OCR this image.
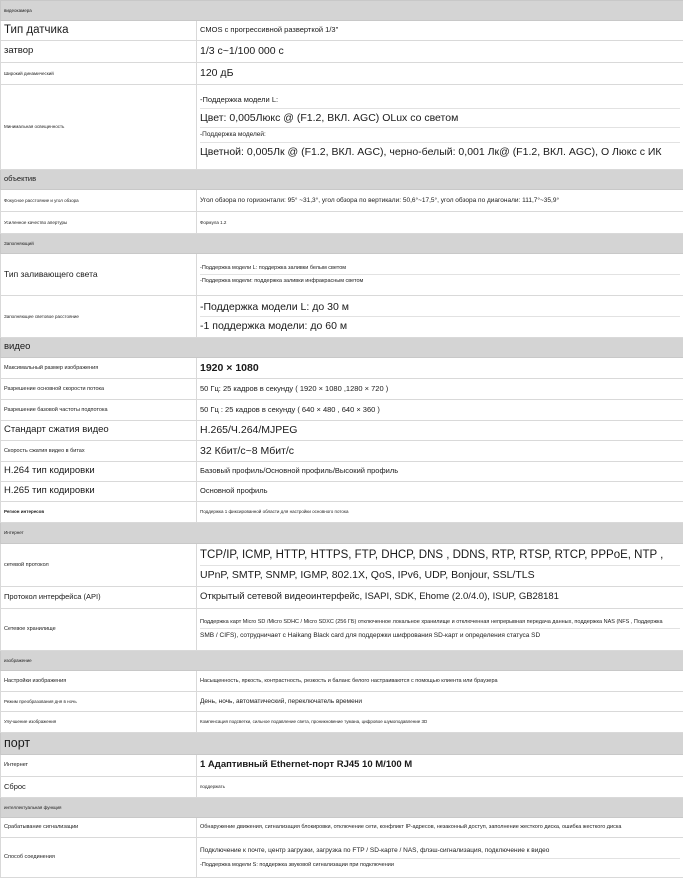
видеокамера	
Тип датчика	CMOS с прогрессивной разверткой 1/3"
затвор	1/3 с~1/100 000 с
Широкий динамический	120 дБ
Минимальная освещенность	-Поддержка модели L:
Цвет: 0,005Люкс @ (F1.2, ВКЛ. AGC) OLux со светом
-Поддержка моделей:
Цветной: 0,005Лк @ (F1.2, ВКЛ. AGC), черно-белый: 0,001 Лк@ (F1.2, ВКЛ. AGC), О Люкс с ИК

объектив	
Фокусное расстояние и угол обзора	Угол обзора по горизонтали: 95° ~31,3°, угол обзора по вертикали: 50,6°~17,5°, угол обзора по диагонали: 111,7°~35,9°
Усиленное качество апертуры	Формула 1.2
Заполняющий	
Тип заливающего света	-Поддержка модели L: поддержка заливки белым светом
-Поддержка модели: поддержка заливки инфракрасным светом

Заполняющее световое расстояние	-Поддержка модели L: до 30 м
-1 поддержка модели: до 60 м

видео	
Максимальный размер изображения	1920 × 1080
Разрешение основной скорости потока	50 Гц: 25 кадров в секунду ( 1920 × 1080 ,1280 × 720 )
Разрешение базовой частоты подпотока	50 Гц : 25 кадров в секунду ( 640 × 480 , 640 × 360 )
Стандарт сжатия видео	H.265/Ч.264/MJPEG
Скорость сжатия видео в битах	32 Кбит/с~8 Мбит/с
H.264 тип кодировки	Базовый профиль/Основной профиль/Высокий профиль
H.265 тип кодировки	Основной профиль
Регион интересов	Поддержка 1 фиксированной области для настройки основного потока
Интернет	
сетевой протокол	TCP/IP, ICMP, HTTP, HTTPS, FTP, DHCP, DNS , DDNS, RTP, RTSP, RTCP, PPPoE, NTP ,
UPnP, SMTP, SNMP, IGMP, 802.1X, QoS, IPv6, UDP, Bonjour, SSL/TLS

Протокол интерфейса (API)	Открытый сетевой видеоинтерфейс, ISAPI, SDK, Ehome (2.0/4.0), ISUP, GB28181
Сетевое хранилище	Поддержка карт Micro SD /Micro SDHC / Micro SDXC (256 ГБ) отключенное локальное хранилище и отключенная непрерывная передача данных, поддержка NAS (NFS , Поддержка
SMB / CIFS), сотрудничает с Haikang Black card для поддержки шифрования SD-карт и определения статуса SD

изображение	
Настройки изображения	Насыщенность, яркость, контрастность, резкость и баланс белого настраиваются с помощью клиента или браузера
Режим преобразования дня в ночь	День, ночь, автоматический, переключатель времени
Улучшение изображения	Компенсация подсветки, сильное подавление света, проникновение тумана, цифровое шумоподавление 3D
порт	
Интернет	1 Адаптивный Ethernet-порт RJ45 10 М/100 М
Сброс	поддержать
интеллектуальная функция	
Срабатывание сигнализации	Обнаружение движения, сигнализация блокировки, отключение сети, конфликт IP-адресов, незаконный доступ, заполнение жесткого диска, ошибка жесткого диска
Способ соединения	Подключение к почте, центр загрузки, загрузка по FTP / SD-карте / NAS, флэш-сигнализация, подключение к видео
-Поддержка модели S: поддержка звуковой сигнализации при подключении
